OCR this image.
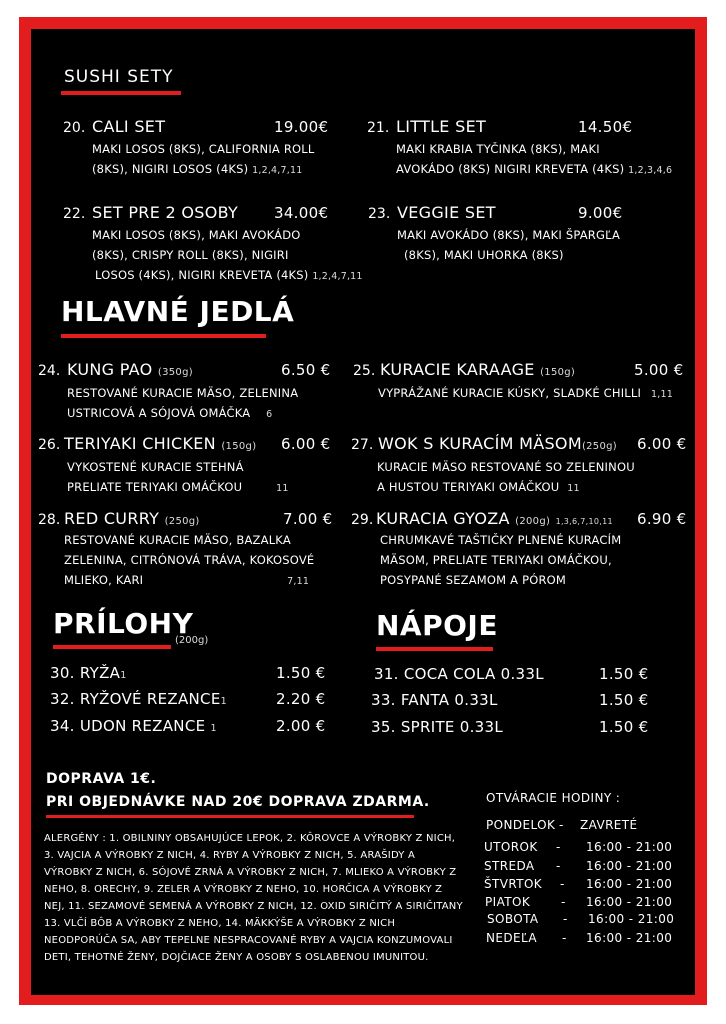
SUSHI SETY
20. CALI SET	19.00€
MAKI LOSOS (8KS), CALIFORNIA ROLL
(8KS), NIGIRI LOSOS (4KS) 1,2,4,7,11
21. LITTLE SET	14.50€
MAKI KRABIA TYČINKA (8KS), MAKI
AVOKÁDO (8KS) NIGIRI KREVETA (4KS) 1,2,3,4,6
22. SET PRE 2 OSOBY 34.00€
MAKI LOSOS (8KS), MAKI AVOKÁDO
(8KS), CRISPY ROLL (8KS), NIGIRI
LOSOS (4KS), NIGIRI KREVETA (4KS) 1,2,4,7,11
23. VEGGIE SET	9.00€
MAKI AVOKÁDO (8KS), MAKI ŠPARGĽA
(8KS), MAKI UHORKA (8KS)
HLAVNÉ JEDLÁ
24. KUNG PAO (350g)	6.50 €
RESTOVANÉ KURACIE MÄSO, ZELENINA
USTRICOVÁ A SÓJOVÁ OMÁČKA 6
25. KURACIE KARAAGE (150g)	5.00 €
VYPRÁŽANÉ KURACIE KÚSKY, SLADKÉ CHILLI 1,11
26. TERIYAKI CHICKEN (150g) 6.00 €
VYKOSTENÉ KURACIE STEHNÁ
PRELIATE TERIYAKI OMÁČKOU	11
27. WOK S KURACÍM MÄSOM(250g) 6.00 €
KURACIE MÄSO RESTOVANÉ SO ZELENINOU
A HUSTOU TERIYAKI OMÁČKOU 11
28. RED CURRY (250g)	7.00 €
RESTOVANÉ KURACIE MÄSO, BAZALKA
ZELENINA, CITRÓNOVÁ TRÁVA, KOKOSOVÉ
MLIEKO, KARI	7,11
29. KURACIA GYOZA (200g) 1,3,6,7,10,11 6.90 €
CHRUMKAVÉ TAŠTIČKY PLNENÉ KURACÍM
MÄSOM, PRELIATE TERIYAKI OMÁČKOU,
POSYPANÉ SEZAMOM A PÓROM
PRÍLOHY
(200g)
30. RYŽA1	1.50 €
32. RYŽOVÉ REZANCE1	2.20 €
34. UDON REZANCE 1	2.00 €
NÁPOJE
31. COCA COLA 0.33L	1.50 €
33. FANTA 0.33L	1.50 €
35. SPRITE 0.33L	1.50 €
DOPRAVA 1€.
PRI OBJEDNÁVKE NAD 20€ DOPRAVA ZDARMA.
ALERGÉNY : 1. OBILNINY OBSAHUJÚCE LEPOK, 2. KÔROVCE A VÝROBKY Z NICH, 3. VAJCIA A VÝROBKY Z NICH, 4. RYBY A VÝROBKY Z NICH, 5. ARAŠIDY A VÝROBKY Z NICH, 6. SÓJOVÉ ZRNÁ A VÝROBKY Z NICH, 7. MLIEKO A VÝROBKY Z NEHO, 8. ORECHY, 9. ZELER A VÝROBKY Z NEHO, 10. HORČICA A VÝROBKY Z NEJ, 11. SEZAMOVÉ SEMENÁ A VÝROBKY Z NICH, 12. OXID SIRIČITÝ A SIRIČITANY 13. VLČÍ BÔB A VÝROBKY Z NEHO, 14. MÄKKÝŠE A VÝROBKY Z NICH NEODPORÚČA SA, ABY TEPELNE NESPRACOVANÉ RYBY A VAJCIA KONZUMOVALI DETI, TEHOTNÉ ŽENY, DOJČIACE ŽENY A OSOBY S OSLABENOU IMUNITOU.
OTVÁRACIE HODINY :
PONDELOK - ZAVRETÉ
UTOROK - 16:00 - 21:00
STREDA - 16:00 - 21:00
ŠTVRTOK - 16:00 - 21:00
PIATOK	- 16:00 - 21:00
SOBOTA - 16:00 - 21:00
NEDEĽA - 16:00 - 21:00
